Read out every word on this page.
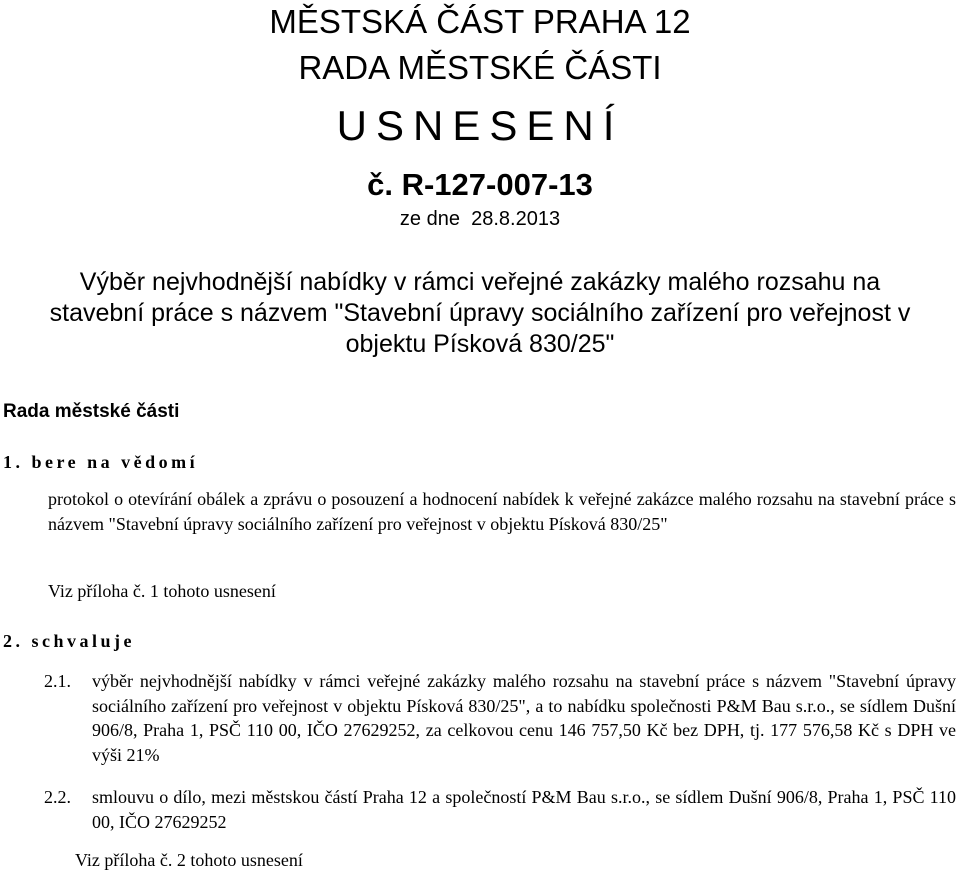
MĚSTSKÁ ČÁST PRAHA 12
RADA MĚSTSKÉ ČÁSTI
USNESENÍ
č. R-127-007-13
ze dne 28.8.2013
Výběr nejvhodnější nabídky v rámci veřejné zakázky malého rozsahu na
stavební práce s názvem "Stavební úpravy sociálního zařízení pro veřejnost v
objektu Písková 830/25"
Rada městské části
1. bere na vědomí
protokol o otevírání obálek a zprávu o posouzení a hodnocení nabídek k veřejné zakázce malého rozsahu na stavební práce s názvem "Stavební úpravy sociálního zařízení pro veřejnost v objektu Písková 830/25"
Viz příloha č. 1 tohoto usnesení
2. schvaluje
2.1.	výběr nejvhodnější nabídky v rámci veřejné zakázky malého rozsahu na stavební práce s názvem "Stavební úpravy sociálního zařízení pro veřejnost v objektu Písková 830/25", a to nabídku společnosti P&M Bau s.r.o., se sídlem Dušní 906/8, Praha 1, PSČ 110 00, IČO 27629252, za celkovou cenu 146 757,50 Kč bez DPH, tj. 177 576,58 Kč s DPH ve výši 21%
2.2.	smlouvu o dílo, mezi městskou částí Praha 12 a společností P&M Bau s.r.o., se sídlem Dušní 906/8, Praha 1, PSČ 110 00, IČO 27629252
Viz příloha č. 2 tohoto usnesení
